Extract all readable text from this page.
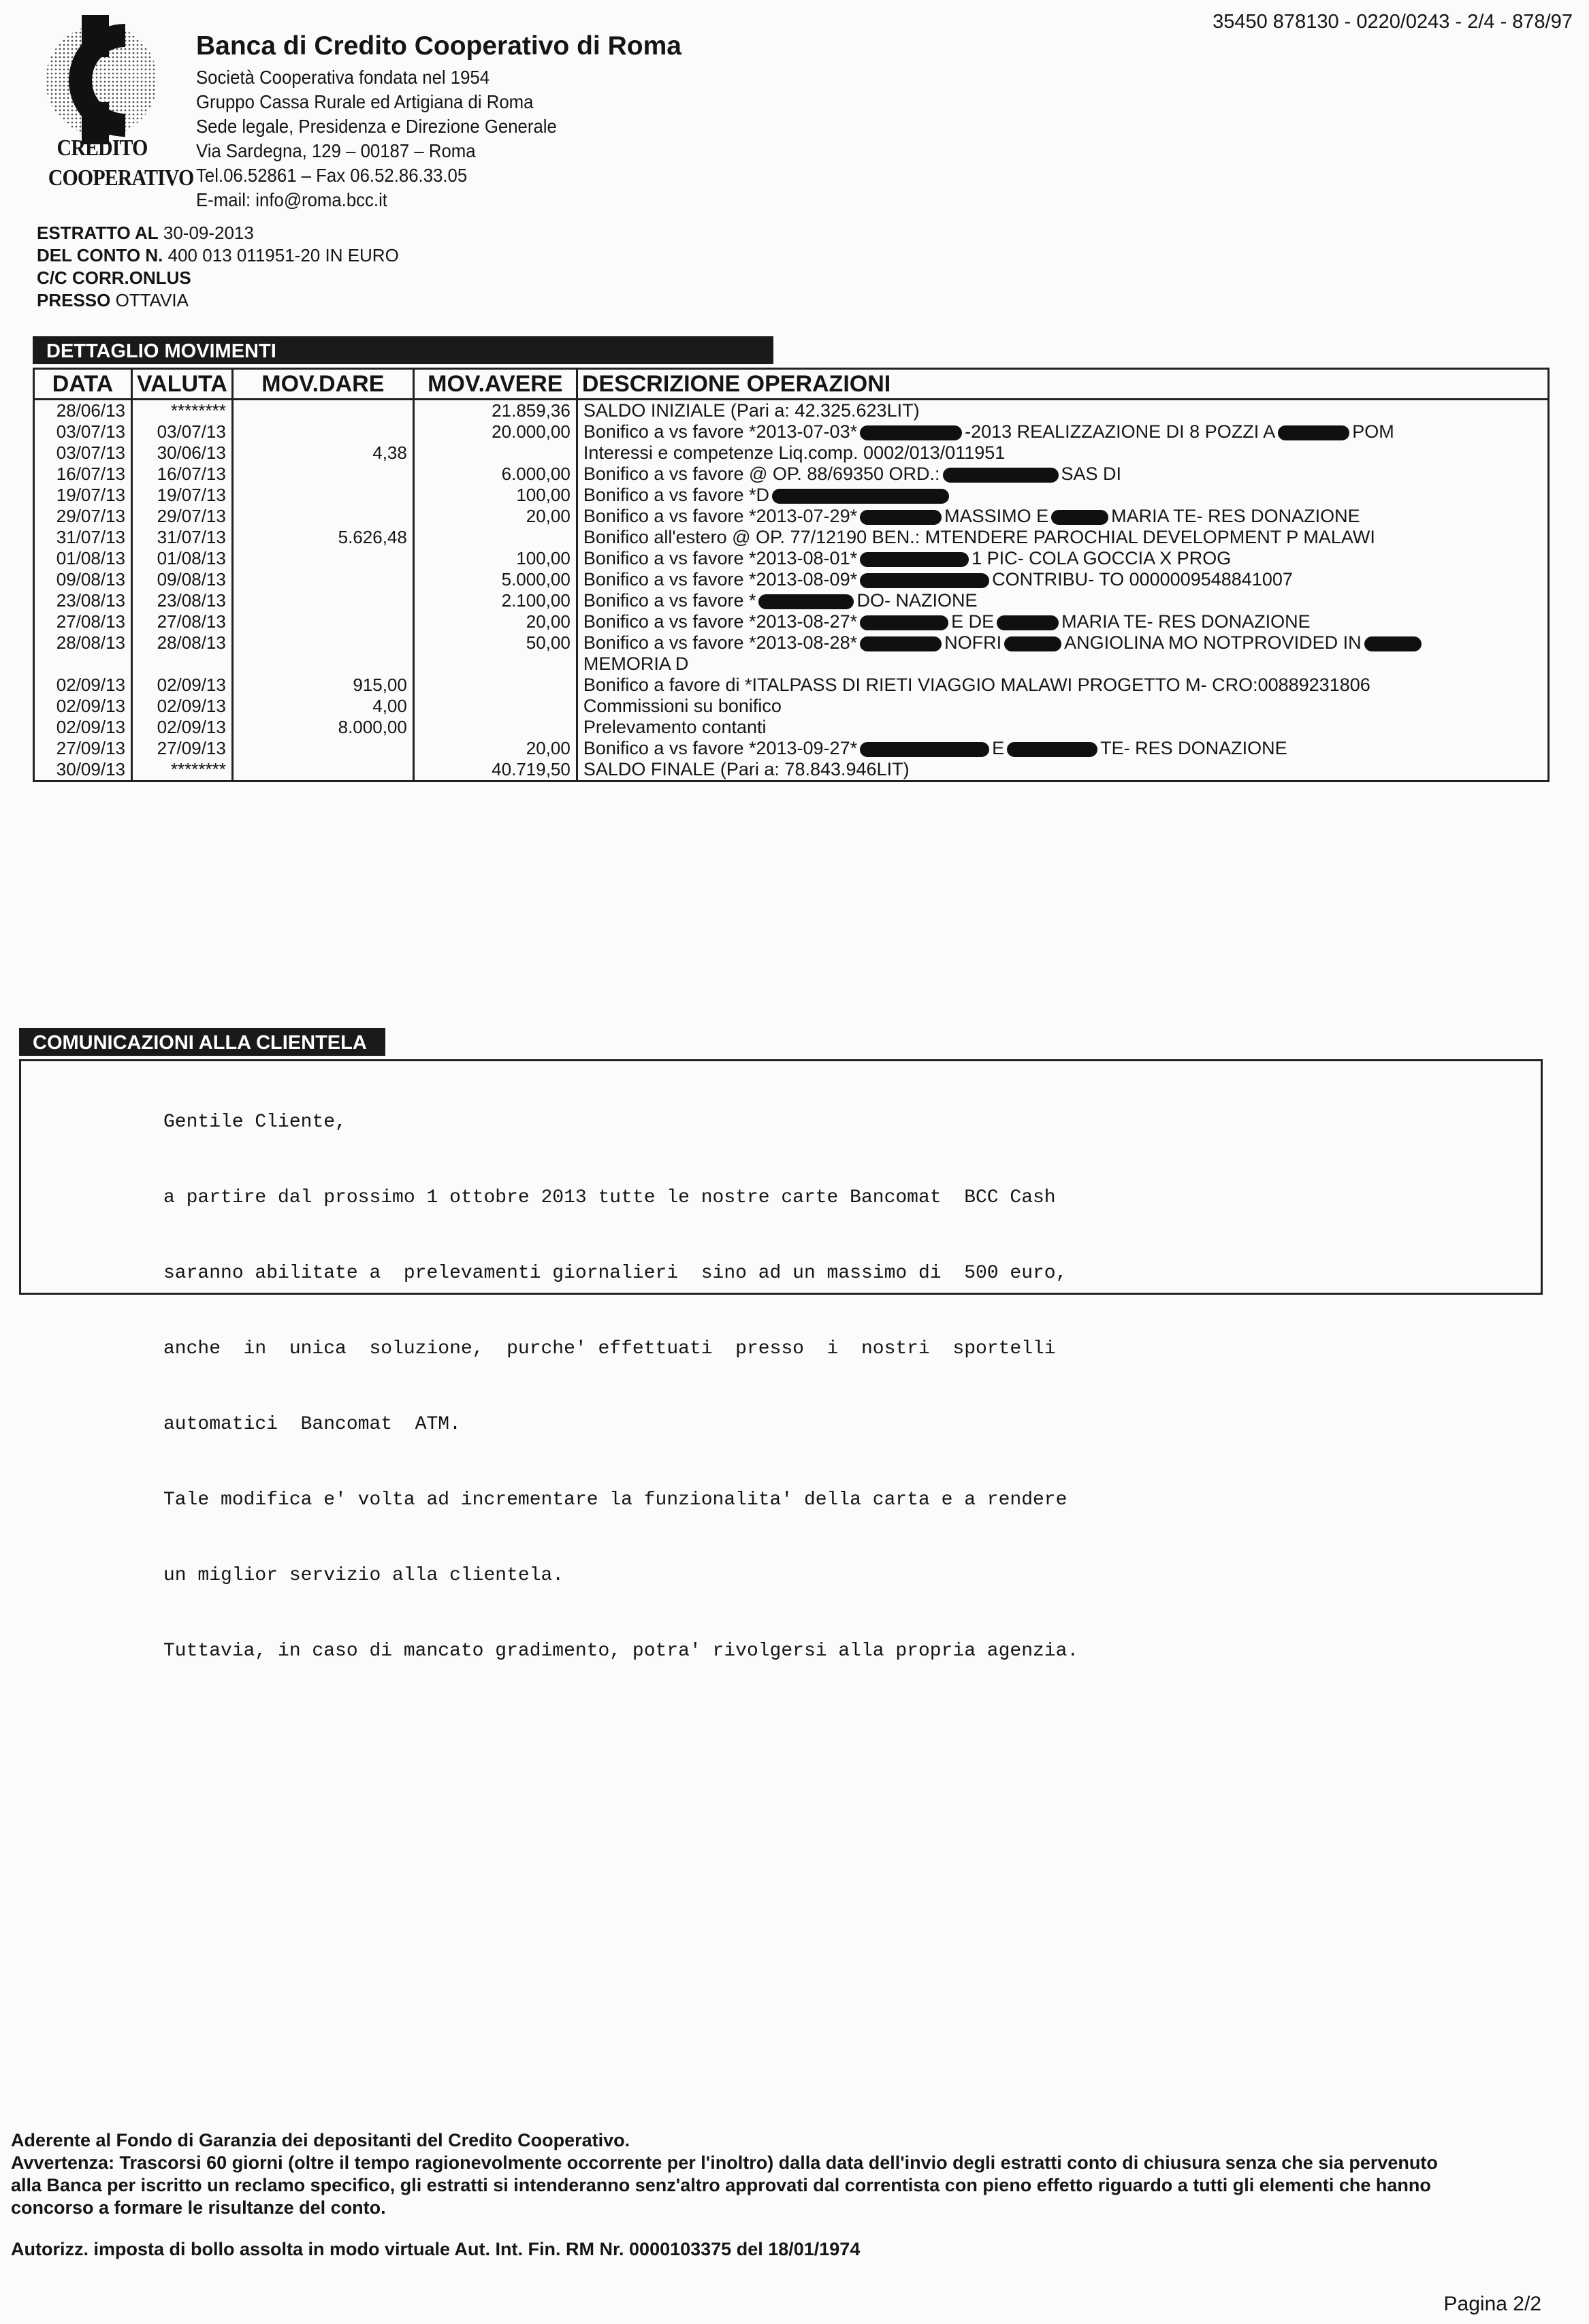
35450 878130 - 0220/0243 - 2/4 - 878/97
CREDITO
COOPERATIVO
Banca di Credito Cooperativo di Roma
Società Cooperativa fondata nel 1954
Gruppo Cassa Rurale ed Artigiana di Roma
Sede legale, Presidenza e Direzione Generale
Via Sardegna, 129 – 00187 – Roma
Tel.06.52861 – Fax 06.52.86.33.05
E-mail: info@roma.bcc.it
ESTRATTO AL 30-09-2013
DEL CONTO N. 400 013 011951-20 IN EURO
C/C CORR.ONLUS
PRESSO OTTAVIA
DETTAGLIO MOVIMENTI
DATA	VALUTA	MOV.DARE	MOV.AVERE	DESCRIZIONE OPERAZIONI
28/06/13	********		21.859,36	SALDO INIZIALE (Pari a: 42.325.623LIT)
03/07/13	03/07/13		20.000,00	Bonifico a vs favore *2013-07-03* -2013 REALIZZAZIONE DI 8 POZZI A POM
03/07/13	30/06/13	4,38		Interessi e competenze Liq.comp. 0002/013/011951
16/07/13	16/07/13		6.000,00	Bonifico a vs favore @ OP. 88/69350 ORD.: SAS DI
19/07/13	19/07/13		100,00	Bonifico a vs favore *D
29/07/13	29/07/13		20,00	Bonifico a vs favore *2013-07-29* MASSIMO E MARIA TE- RES DONAZIONE
31/07/13	31/07/13	5.626,48		Bonifico all'estero @ OP. 77/12190 BEN.: MTENDERE PAROCHIAL DEVELOPMENT P MALAWI
01/08/13	01/08/13		100,00	Bonifico a vs favore *2013-08-01* 1 PIC- COLA GOCCIA X PROG
09/08/13	09/08/13		5.000,00	Bonifico a vs favore *2013-08-09* CONTRIBU- TO 0000009548841007
23/08/13	23/08/13		2.100,00	Bonifico a vs favore * DO- NAZIONE
27/08/13	27/08/13		20,00	Bonifico a vs favore *2013-08-27* E DE MARIA TE- RES DONAZIONE
28/08/13	28/08/13		50,00	Bonifico a vs favore *2013-08-28* NOFRI ANGIOLINA MO NOTPROVIDED IN
MEMORIA D
02/09/13	02/09/13	915,00		Bonifico a favore di *ITALPASS DI RIETI VIAGGIO MALAWI PROGETTO M- CRO:00889231806
02/09/13	02/09/13	4,00		Commissioni su bonifico
02/09/13	02/09/13	8.000,00		Prelevamento contanti
27/09/13	27/09/13		20,00	Bonifico a vs favore *2013-09-27* E TE- RES DONAZIONE
30/09/13	********		40.719,50	SALDO FINALE (Pari a: 78.843.946LIT)
COMUNICAZIONI ALLA CLIENTELA

Gentile Cliente,

a partire dal prossimo 1 ottobre 2013 tutte le nostre carte Bancomat  BCC Cash

saranno abilitate a  prelevamenti giornalieri  sino ad un massimo di  500 euro,

anche  in  unica  soluzione,  purche' effettuati  presso  i  nostri  sportelli

automatici  Bancomat  ATM.

Tale modifica e' volta ad incrementare la funzionalita' della carta e a rendere

un miglior servizio alla clientela.

Tuttavia, in caso di mancato gradimento, potra' rivolgersi alla propria agenzia.

Aderente al Fondo di Garanzia dei depositanti del Credito Cooperativo.

Avvertenza: Trascorsi 60 giorni (oltre il tempo ragionevolmente occorrente per l'inoltro) dalla data dell'invio degli estratti conto di chiusura senza che sia pervenuto

alla Banca per iscritto un reclamo specifico, gli estratti si intenderanno senz'altro approvati dal correntista con pieno effetto riguardo a tutti gli elementi che hanno

concorso a formare le risultanze del conto.

Autorizz. imposta di bollo assolta in modo virtuale Aut. Int. Fin. RM Nr. 0000103375 del 18/01/1974

Pagina 2/2
